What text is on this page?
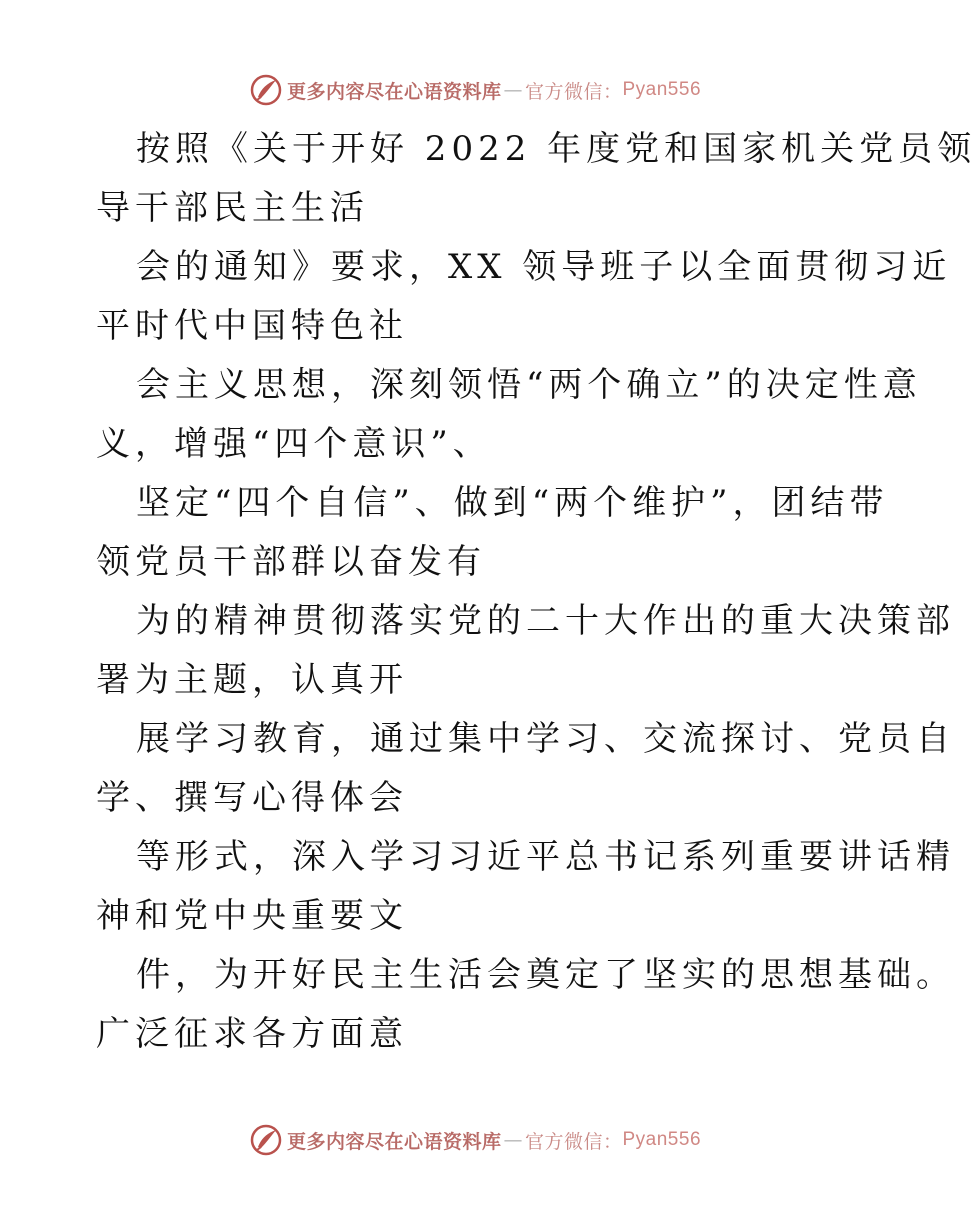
更多内容尽在心语资料库 — 官方微信： Pyan556
按照《关于开好 2022 年度党和国家机关党员领
导干部民主生活
会的通知》要求，XX 领导班子以全面贯彻习近
平时代中国特色社
会主义思想，深刻领悟“两个确立”的决定性意
义，增强“四个意识”、
坚定“四个自信”、做到“两个维护”，团结带
领党员干部群以奋发有
为的精神贯彻落实党的二十大作出的重大决策部
署为主题，认真开
展学习教育，通过集中学习、交流探讨、党员自
学、撰写心得体会
等形式，深入学习习近平总书记系列重要讲话精
神和党中央重要文
件，为开好民主生活会奠定了坚实的思想基础。
广泛征求各方面意
更多内容尽在心语资料库 — 官方微信： Pyan556
